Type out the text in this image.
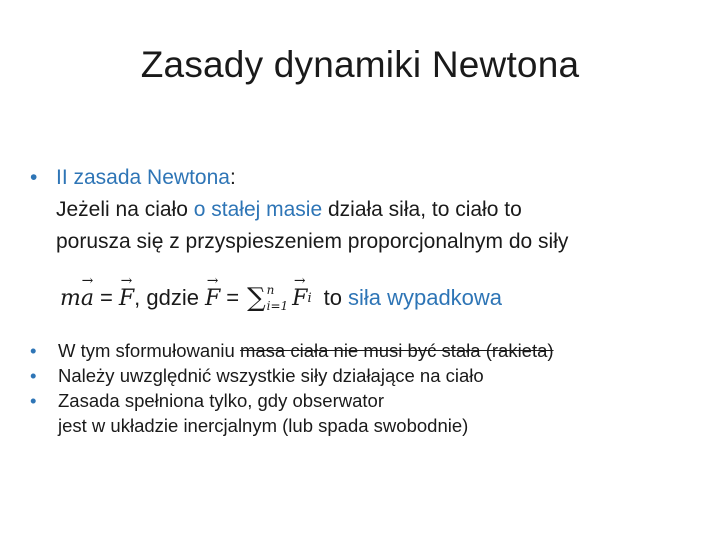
Zasady dynamiki Newtona
• II zasada Newtona:
Jeżeli na ciało o stałej masie działa siła, to ciało to
porusza się z przyspieszeniem proporcjonalnym do siły
m → a = → F , gdzie → F = ∑ n
i=1 → F i to siła wypadkowa
• W tym sformułowaniu masa ciała nie musi być stała (rakieta)
• Należy uwzględnić wszystkie siły działające na ciało
• Zasada spełniona tylko, gdy obserwator
jest w układzie inercjalnym (lub spada swobodnie)
